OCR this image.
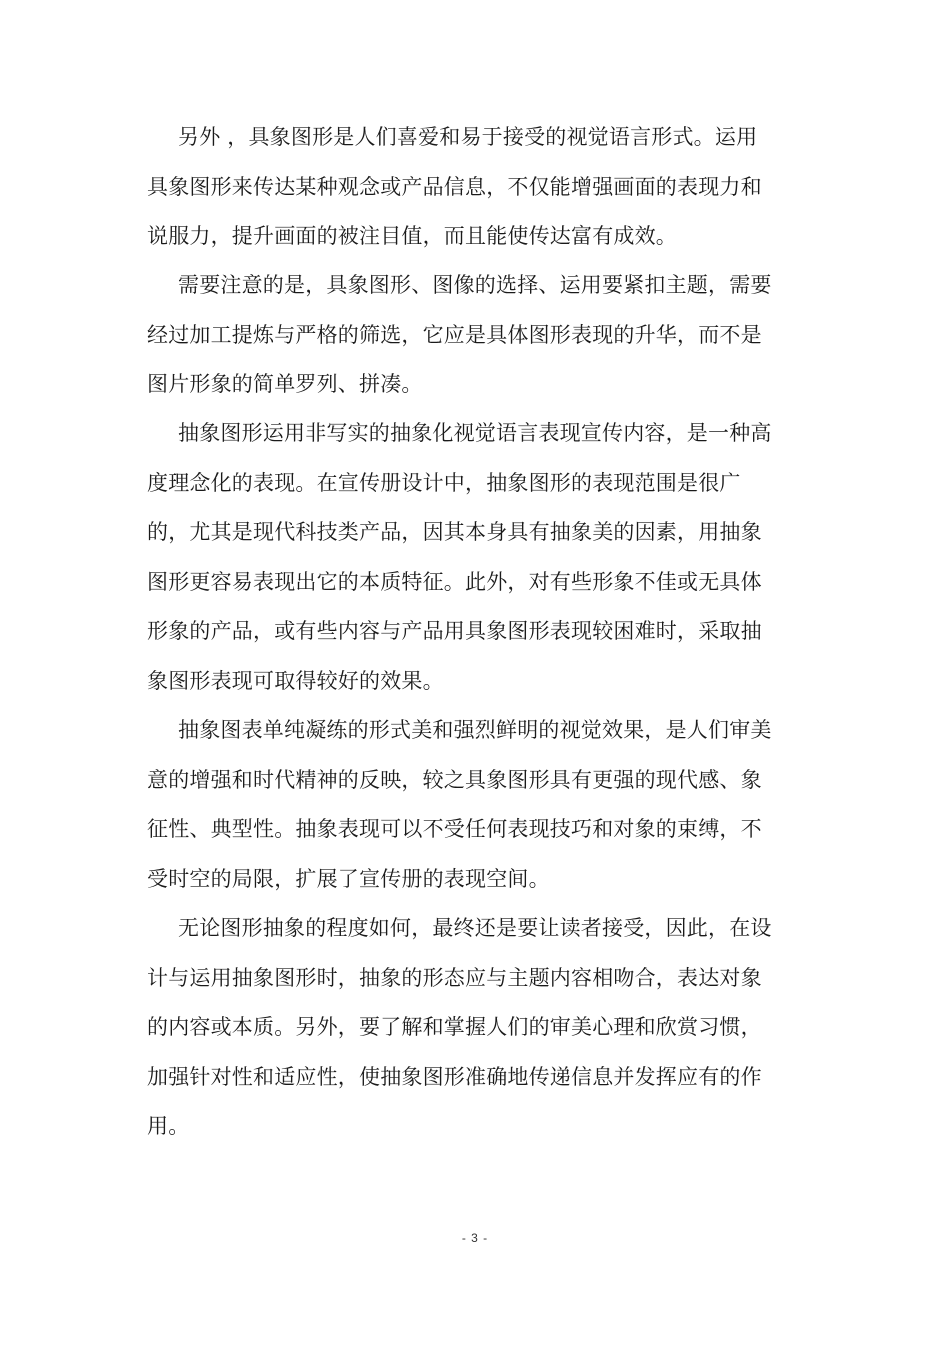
另外 ，具象图形是人们喜爱和易于接受的视觉语言形式。运用
具象图形来传达某种观念或产品信息，不仅能增强画面的表现力和
说服力，提升画面的被注目值，而且能使传达富有成效。
需要注意的是，具象图形、图像的选择、运用要紧扣主题，需要
经过加工提炼与严格的筛选，它应是具体图形表现的升华，而不是
图片形象的简单罗列、拼凑。
抽象图形运用非写实的抽象化视觉语言表现宣传内容，是一种高
度理念化的表现。在宣传册设计中，抽象图形的表现范围是很广
的，尤其是现代科技类产品，因其本身具有抽象美的因素，用抽象
图形更容易表现出它的本质特征。此外，对有些形象不佳或无具体
形象的产品，或有些内容与产品用具象图形表现较困难时，采取抽
象图形表现可取得较好的效果。
抽象图表单纯凝练的形式美和强烈鲜明的视觉效果，是人们审美
意的增强和时代精神的反映，较之具象图形具有更强的现代感、象
征性、典型性。抽象表现可以不受任何表现技巧和对象的束缚，不
受时空的局限，扩展了宣传册的表现空间。
无论图形抽象的程度如何，最终还是要让读者接受，因此，在设
计与运用抽象图形时，抽象的形态应与主题内容相吻合，表达对象
的内容或本质。另外，要了解和掌握人们的审美心理和欣赏习惯，
加强针对性和适应性，使抽象图形准确地传递信息并发挥应有的作
用。
- 3 -
